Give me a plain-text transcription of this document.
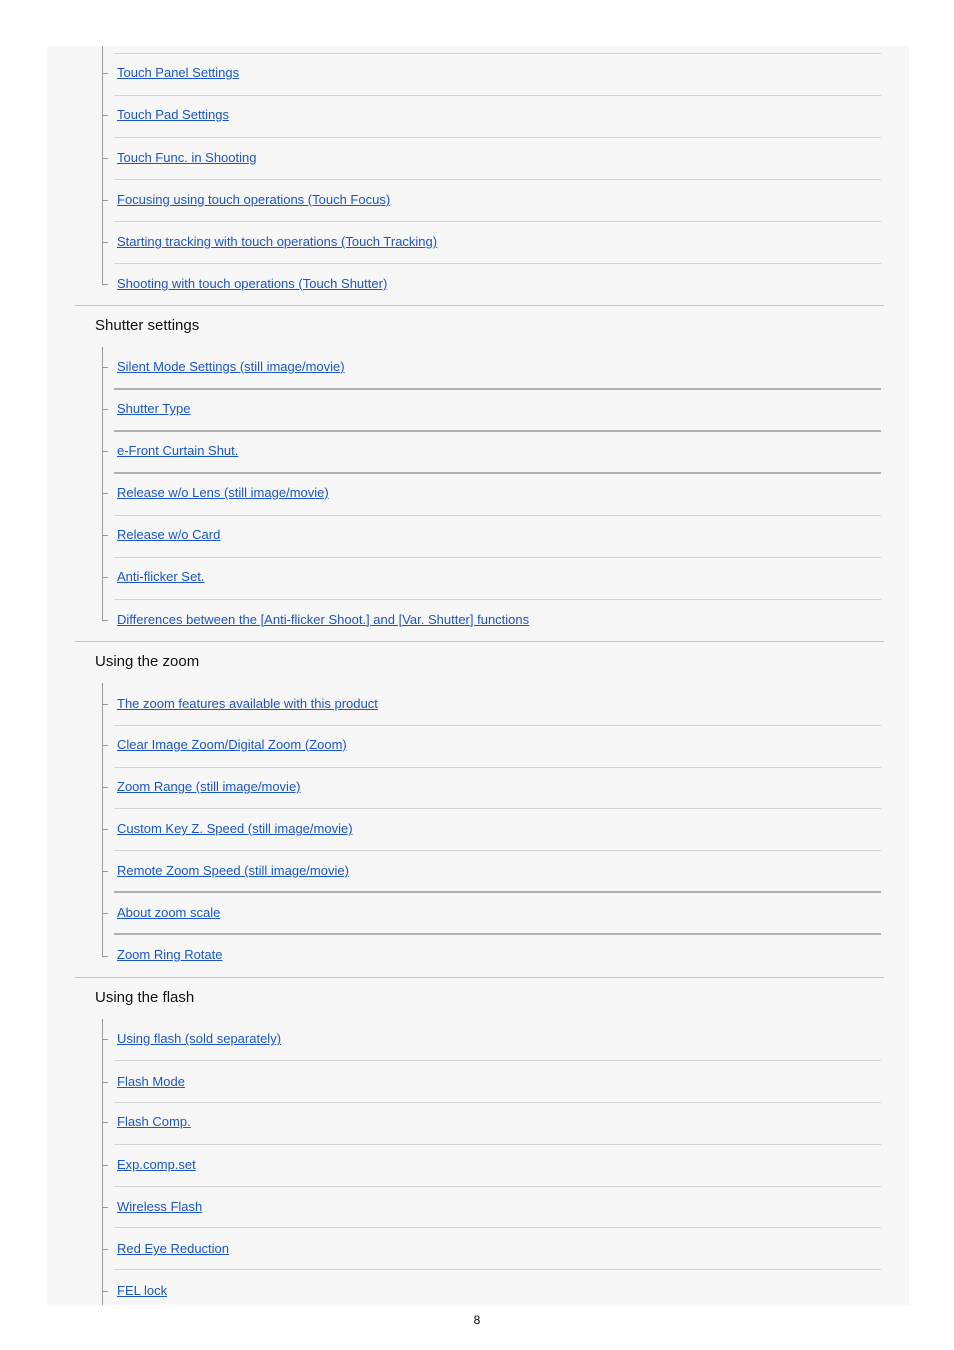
Touch Panel Settings
Touch Pad Settings
Touch Func. in Shooting
Focusing using touch operations (Touch Focus)
Starting tracking with touch operations (Touch Tracking)
Shooting with touch operations (Touch Shutter)
Shutter settings
Silent Mode Settings (still image/movie)
Shutter Type
e-Front Curtain Shut.
Release w/o Lens (still image/movie)
Release w/o Card
Anti-flicker Set.
Differences between the [Anti-flicker Shoot.] and [Var. Shutter] functions
Using the zoom
The zoom features available with this product
Clear Image Zoom/Digital Zoom (Zoom)
Zoom Range (still image/movie)
Custom Key Z. Speed (still image/movie)
Remote Zoom Speed (still image/movie)
About zoom scale
Zoom Ring Rotate
Using the flash
Using flash (sold separately)
Flash Mode
Flash Comp.
Exp.comp.set
Wireless Flash
Red Eye Reduction
FEL lock
8
